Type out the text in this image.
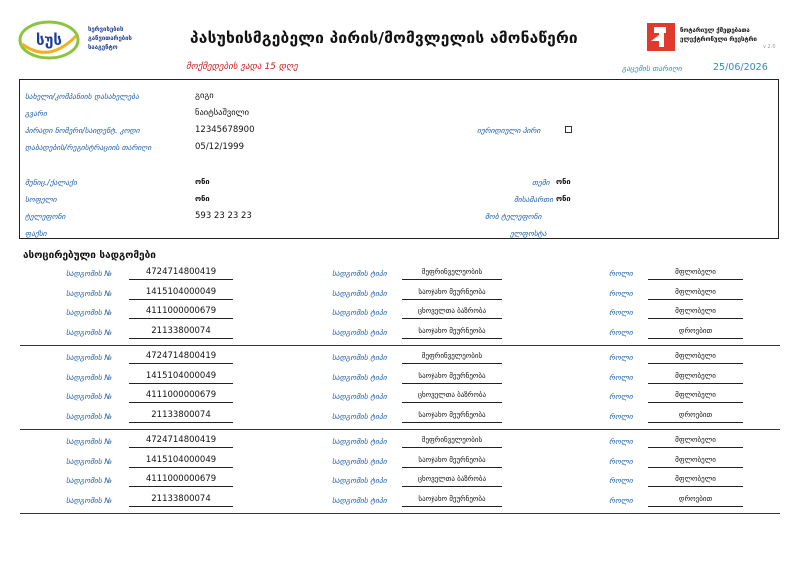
სუს
სერვისების
განვითარების
სააგენტო
პასუხისმგებელი პირის/მომვლელის ამონაწერი
მოქმედების ვადა 15 დღე
ნოტარიულ ქმედებათა
ელექტრონული რეესტრი
v 2.0
გაცემის თარიღი	25/06/2026
სახელი/კომპანიის დასახელება	გიგი
გვარი	ნაიტსაშვილი
პირადი ნომერი/საიდენტ. კოდი	12345678900	იურიდიული პირი
დაბადების/რეგისტრაციის თარიღი	05/12/1999
მუნიც./ქალაქი	ონი	თემი ონი
სოფელი	ონი	მისამართი ონი
ტელეფონი	593 23 23 23	მობ ტელეფონი
ფაქსი	ელფოსტა
ასოცირებული სადგომები
სადგომის №	4724714800419	სადგომის ტიპი	მეფრინველეობის	როლი	მფლობელი
სადგომის №	1415104000049	სადგომის ტიპი	საოჯახო მეურნეობა	როლი	მფლობელი
სადგომის №	4111000000679	სადგომის ტიპი	ცხოველთა ბაზრობა	როლი	მფლობელი
სადგომის №	21133800074	სადგომის ტიპი	საოჯახო მეურნეობა	როლი	დროებით
სადგომის №	4724714800419	სადგომის ტიპი	მეფრინველეობის	როლი	მფლობელი
სადგომის №	1415104000049	სადგომის ტიპი	საოჯახო მეურნეობა	როლი	მფლობელი
სადგომის №	4111000000679	სადგომის ტიპი	ცხოველთა ბაზრობა	როლი	მფლობელი
სადგომის №	21133800074	სადგომის ტიპი	საოჯახო მეურნეობა	როლი	დროებით
სადგომის №	4724714800419	სადგომის ტიპი	მეფრინველეობის	როლი	მფლობელი
სადგომის №	1415104000049	სადგომის ტიპი	საოჯახო მეურნეობა	როლი	მფლობელი
სადგომის №	4111000000679	სადგომის ტიპი	ცხოველთა ბაზრობა	როლი	მფლობელი
სადგომის №	21133800074	სადგომის ტიპი	საოჯახო მეურნეობა	როლი	დროებით
